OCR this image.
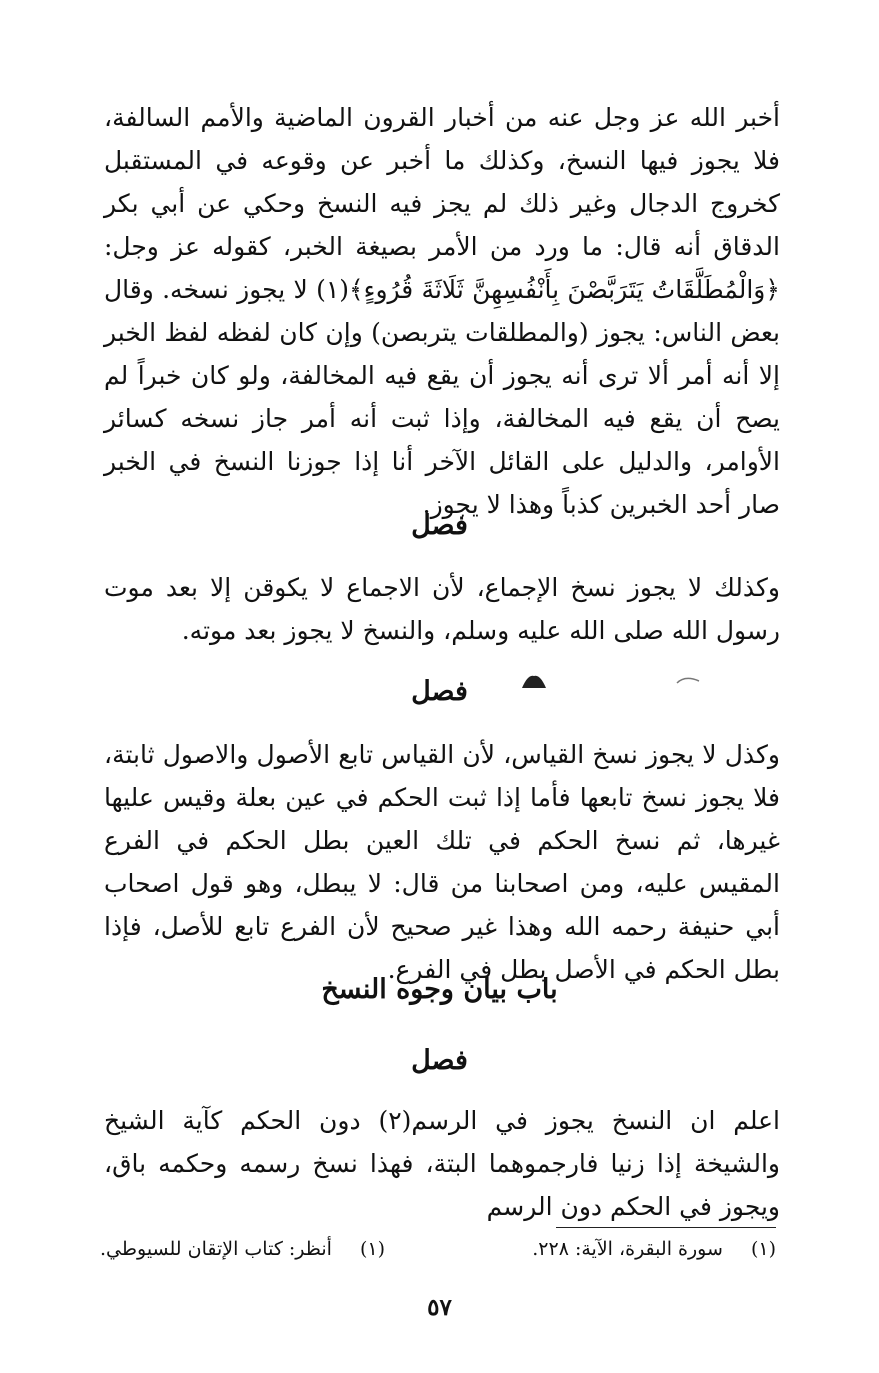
أخبر الله عز وجل عنه من أخبار القرون الماضية والأمم السالفة، فلا يجوز فيها النسخ، وكذلك ما أخبر عن وقوعه في المستقبل كخروج الدجال وغير ذلك لم يجز فيه النسخ وحكي عن أبي بكر الدقاق أنه قال: ما ورد من الأمر بصيغة الخبر، كقوله عز وجل: ﴿وَالْمُطَلَّقَاتُ يَتَرَبَّصْنَ بِأَنْفُسِهِنَّ ثَلَاثَةَ قُرُوءٍ﴾(١) لا يجوز نسخه. وقال بعض الناس: يجوز (والمطلقات يتربصن) وإن كان لفظه لفظ الخبر إلا أنه أمر ألا ترى أنه يجوز أن يقع فيه المخالفة، ولو كان خبراً لم يصح أن يقع فيه المخالفة، وإذا ثبت أنه أمر جاز نسخه كسائر الأوامر، والدليل على القائل الآخر أنا إذا جوزنا النسخ في الخبر صار أحد الخبرين كذباً وهذا لا يجوز.
فصل
وكذلك لا يجوز نسخ الإجماع، لأن الاجماع لا يكوقن إلا بعد موت رسول الله صلى الله عليه وسلم، والنسخ لا يجوز بعد موته.
فصل
وكذل لا يجوز نسخ القياس، لأن القياس تابع الأصول والاصول ثابتة، فلا يجوز نسخ تابعها فأما إذا ثبت الحكم في عين بعلة وقيس عليها غيرها، ثم نسخ الحكم في تلك العين بطل الحكم في الفرع المقيس عليه، ومن اصحابنا من قال: لا يبطل، وهو قول اصحاب أبي حنيفة رحمه الله وهذا غير صحيح لأن الفرع تابع للأصل، فإذا بطل الحكم في الأصل بطل في الفرع.
باب بيان وجوه النسخ
فصل
اعلم ان النسخ يجوز في الرسم(٢) دون الحكم كآية الشيخ والشيخة إذا زنيا فارجموهما البتة، فهذا نسخ رسمه وحكمه باق، ويجوز في الحكم دون الرسم
(١) سورة البقرة، الآية: ٢٢٨.
(١) أنظر: كتاب الإتقان للسيوطي.
٥٧
